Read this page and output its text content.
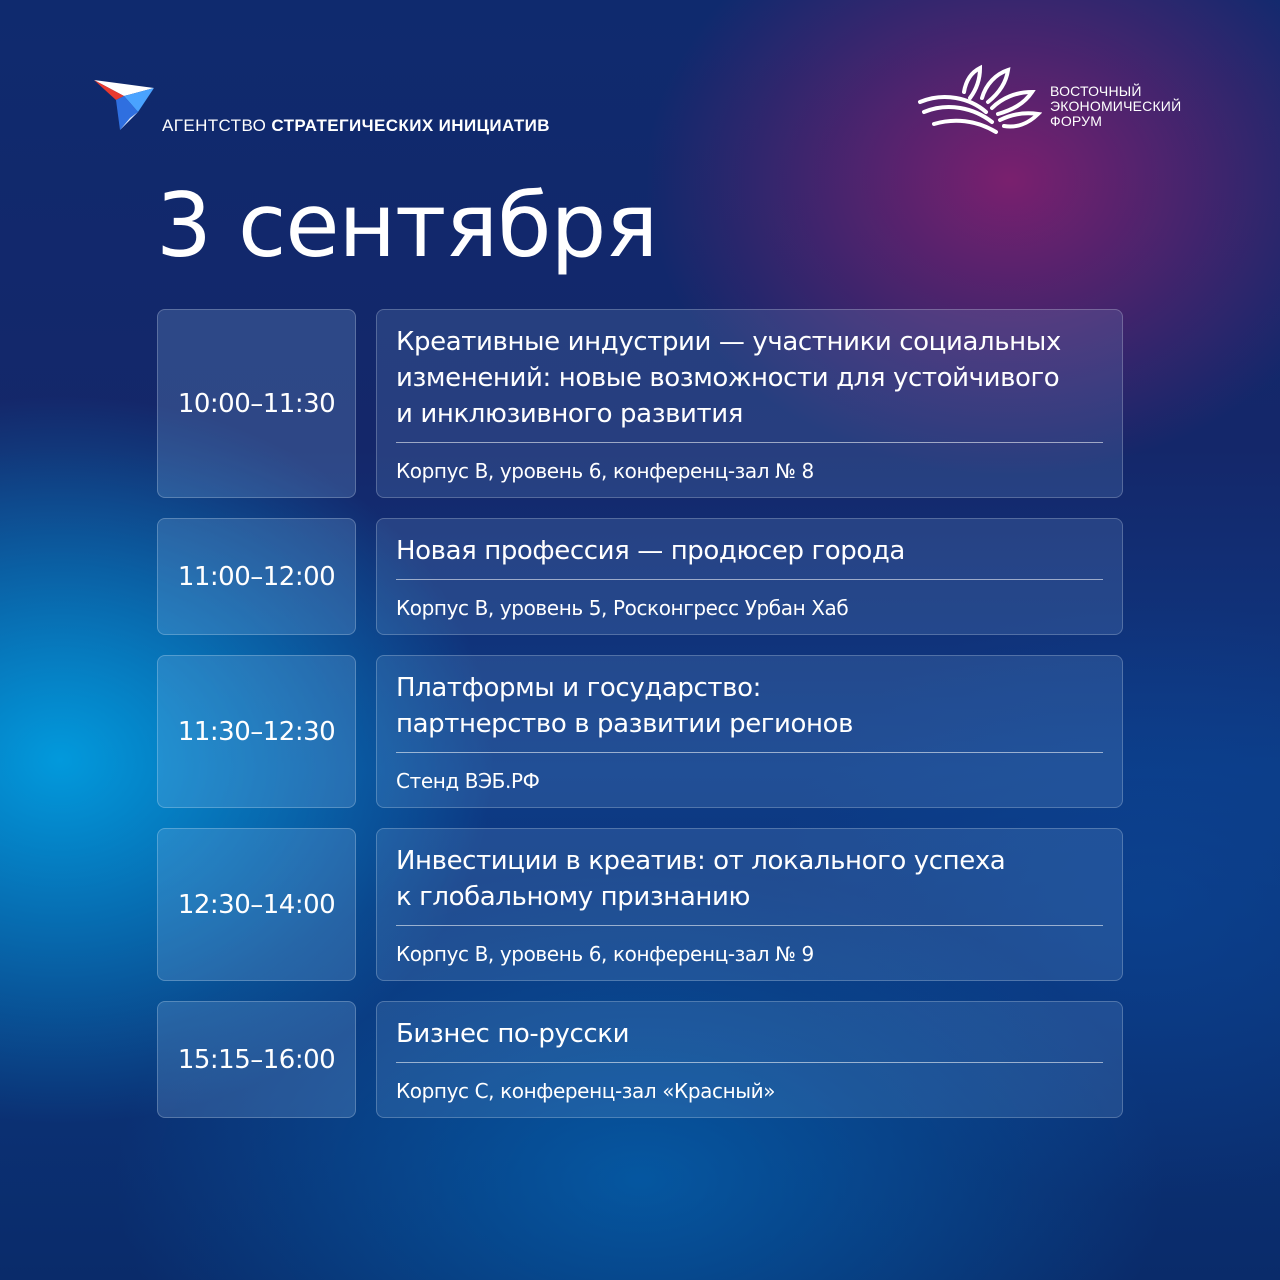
АГЕНТСТВО СТРАТЕГИЧЕСКИХ ИНИЦИАТИВ
ВОСТОЧНЫЙ
ЭКОНОМИЧЕСКИЙ
ФОРУМ
3 сентября
10:00–11:30
Креативные индустрии — участники социальных
изменений: новые возможности для устойчивого
и инклюзивного развития
Корпус В, уровень 6, конференц-зал № 8
11:00–12:00
Новая профессия — продюсер города
Корпус В, уровень 5, Росконгресс Урбан Хаб
11:30–12:30
Платформы и государство:
партнерство в развитии регионов
Стенд ВЭБ.РФ
12:30–14:00
Инвестиции в креатив: от локального успеха
к глобальному признанию
Корпус В, уровень 6, конференц-зал № 9
15:15–16:00
Бизнес по-русски
Корпус С, конференц-зал «Красный»
